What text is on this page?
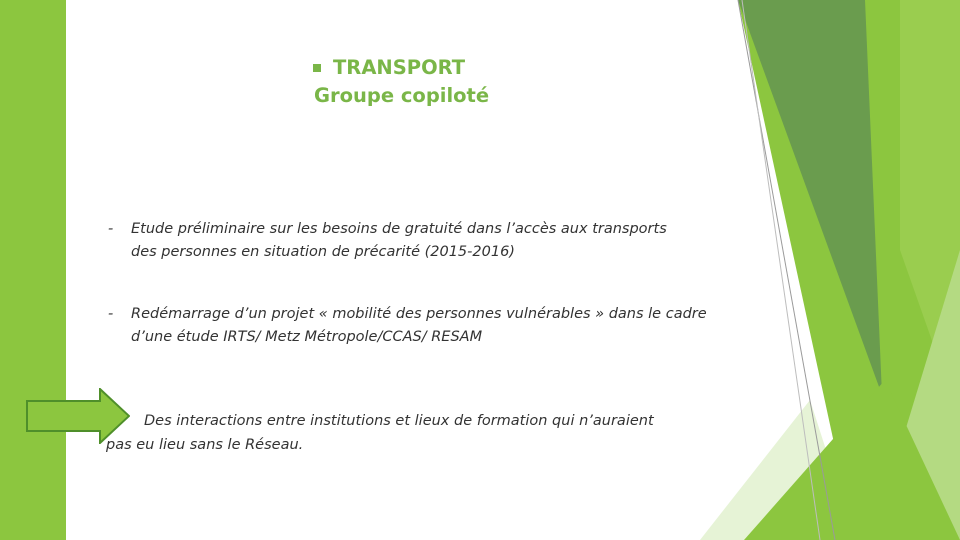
TRANSPORT
Groupe copiloté
- Etude préliminaire sur les besoins de gratuité dans l’accès aux transports des personnes en situation de précarité (2015-2016)
- Redémarrage d’un projet « mobilité des personnes vulnérables » dans le cadre d’une étude IRTS/ Metz Métropole/CCAS/ RESAM
Des interactions entre institutions et lieux de formation qui n’auraient pas eu lieu sans le Réseau.
